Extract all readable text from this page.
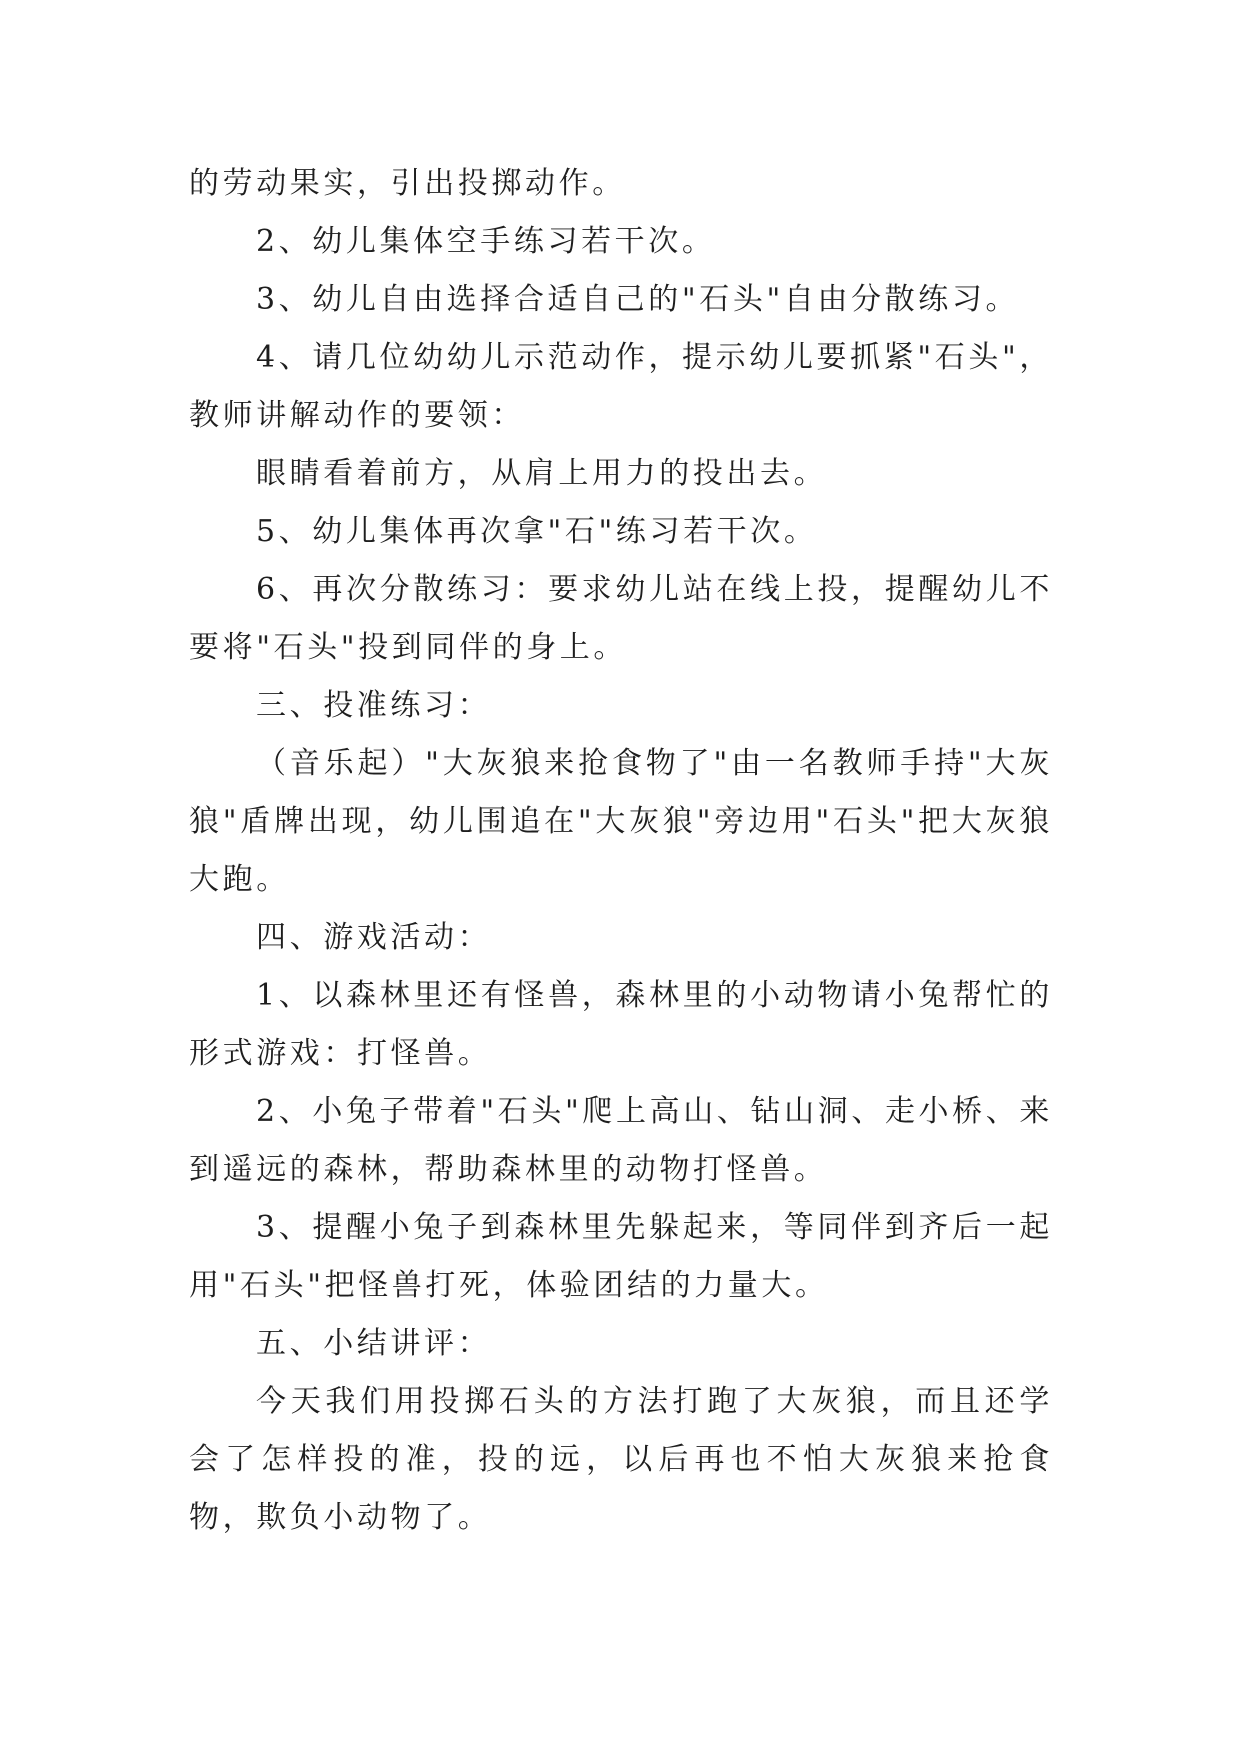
的劳动果实，引出投掷动作。

2、幼儿集体空手练习若干次。

3、幼儿自由选择合适自己的"石头"自由分散练习。

4、请几位幼幼儿示范动作，提示幼儿要抓紧"石头"，教师讲解动作的要领：

眼睛看着前方，从肩上用力的投出去。

5、幼儿集体再次拿"石"练习若干次。

6、再次分散练习：要求幼儿站在线上投，提醒幼儿不要将"石头"投到同伴的身上。

三、投准练习：

（音乐起）"大灰狼来抢食物了"由一名教师手持"大灰狼"盾牌出现，幼儿围追在"大灰狼"旁边用"石头"把大灰狼大跑。

四、游戏活动：

1、以森林里还有怪兽，森林里的小动物请小兔帮忙的形式游戏：打怪兽。

2、小兔子带着"石头"爬上高山、钻山洞、走小桥、来到遥远的森林，帮助森林里的动物打怪兽。

3、提醒小兔子到森林里先躲起来，等同伴到齐后一起用"石头"把怪兽打死，体验团结的力量大。

五、小结讲评：

今天我们用投掷石头的方法打跑了大灰狼，而且还学会了怎样投的准，投的远，以后再也不怕大灰狼来抢食物，欺负小动物了。
